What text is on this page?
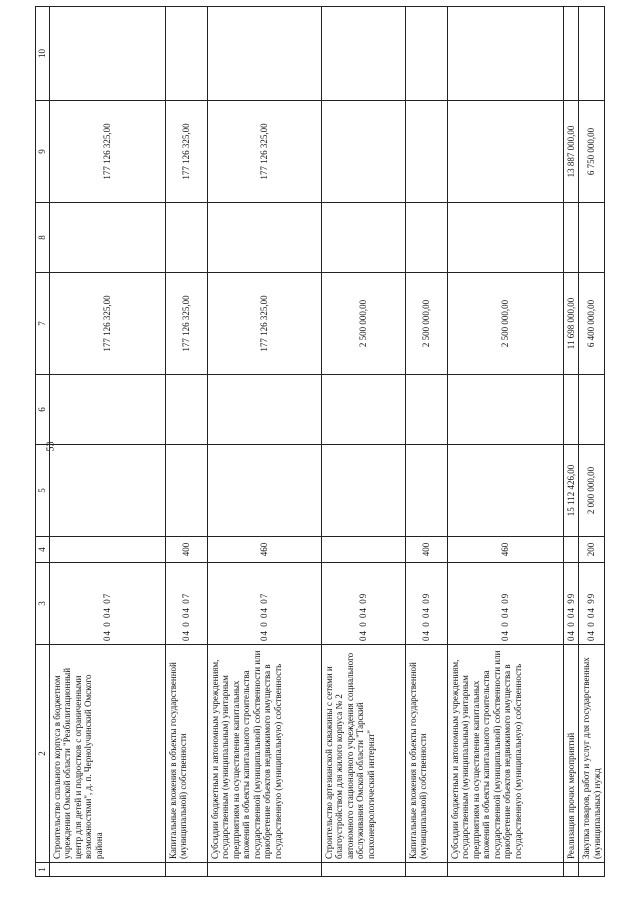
53
1	2	3	4	5	6	7	8	9	10
	Строительство спального корпуса в бюджетном учреждении Омской области "Реабилитационный центр для детей и подростков с ограниченными возможностями", д. п. Черноlучинский Омского района	04 0 04 07				177 126 325,00		177 126 325,00	
	Капитальные вложения в объекты государственной (муниципальной) собственности	04 0 04 07	400			177 126 325,00		177 126 325,00	
	Субсидии бюджетным и автономным учреждениям, государственным (муниципальным) унитарным предприятиям на осуществление капитальных вложений в объекты капитального строительства государственной (муниципальной) собственности или приобретение объектов недвижимого имущества в государственную (муниципальную) собственность	04 0 04 07	460			177 126 325,00		177 126 325,00	
	Строительство артезианской скважины с сетями и благоустройством для жилого корпуса № 2 автономного стационарного учреждения социального обслуживания Омской области "Тарский психоневрологический интернат"	04 0 04 09				2 500 000,00			
	Капитальные вложения в объекты государственной (муниципальной) собственности	04 0 04 09	400			2 500 000,00			
	Субсидии бюджетным и автономным учреждениям, государственным (муниципальным) унитарным предприятиям на осуществление капитальных вложений в объекты капитального строительства государственной (муниципальной) собственности или приобретение объектов недвижимого имущества в государственную (муниципальную) собственность	04 0 04 09	460			2 500 000,00			
	Реализация прочих мероприятий	04 0 04 99		15 112 426,00		11 698 000,00		13 887 000,00	
	Закупка товаров, работ и услуг для государственных (муниципальных) нужд	04 0 04 99	200	2 000 000,00		6 400 000,00		6 750 000,00	
